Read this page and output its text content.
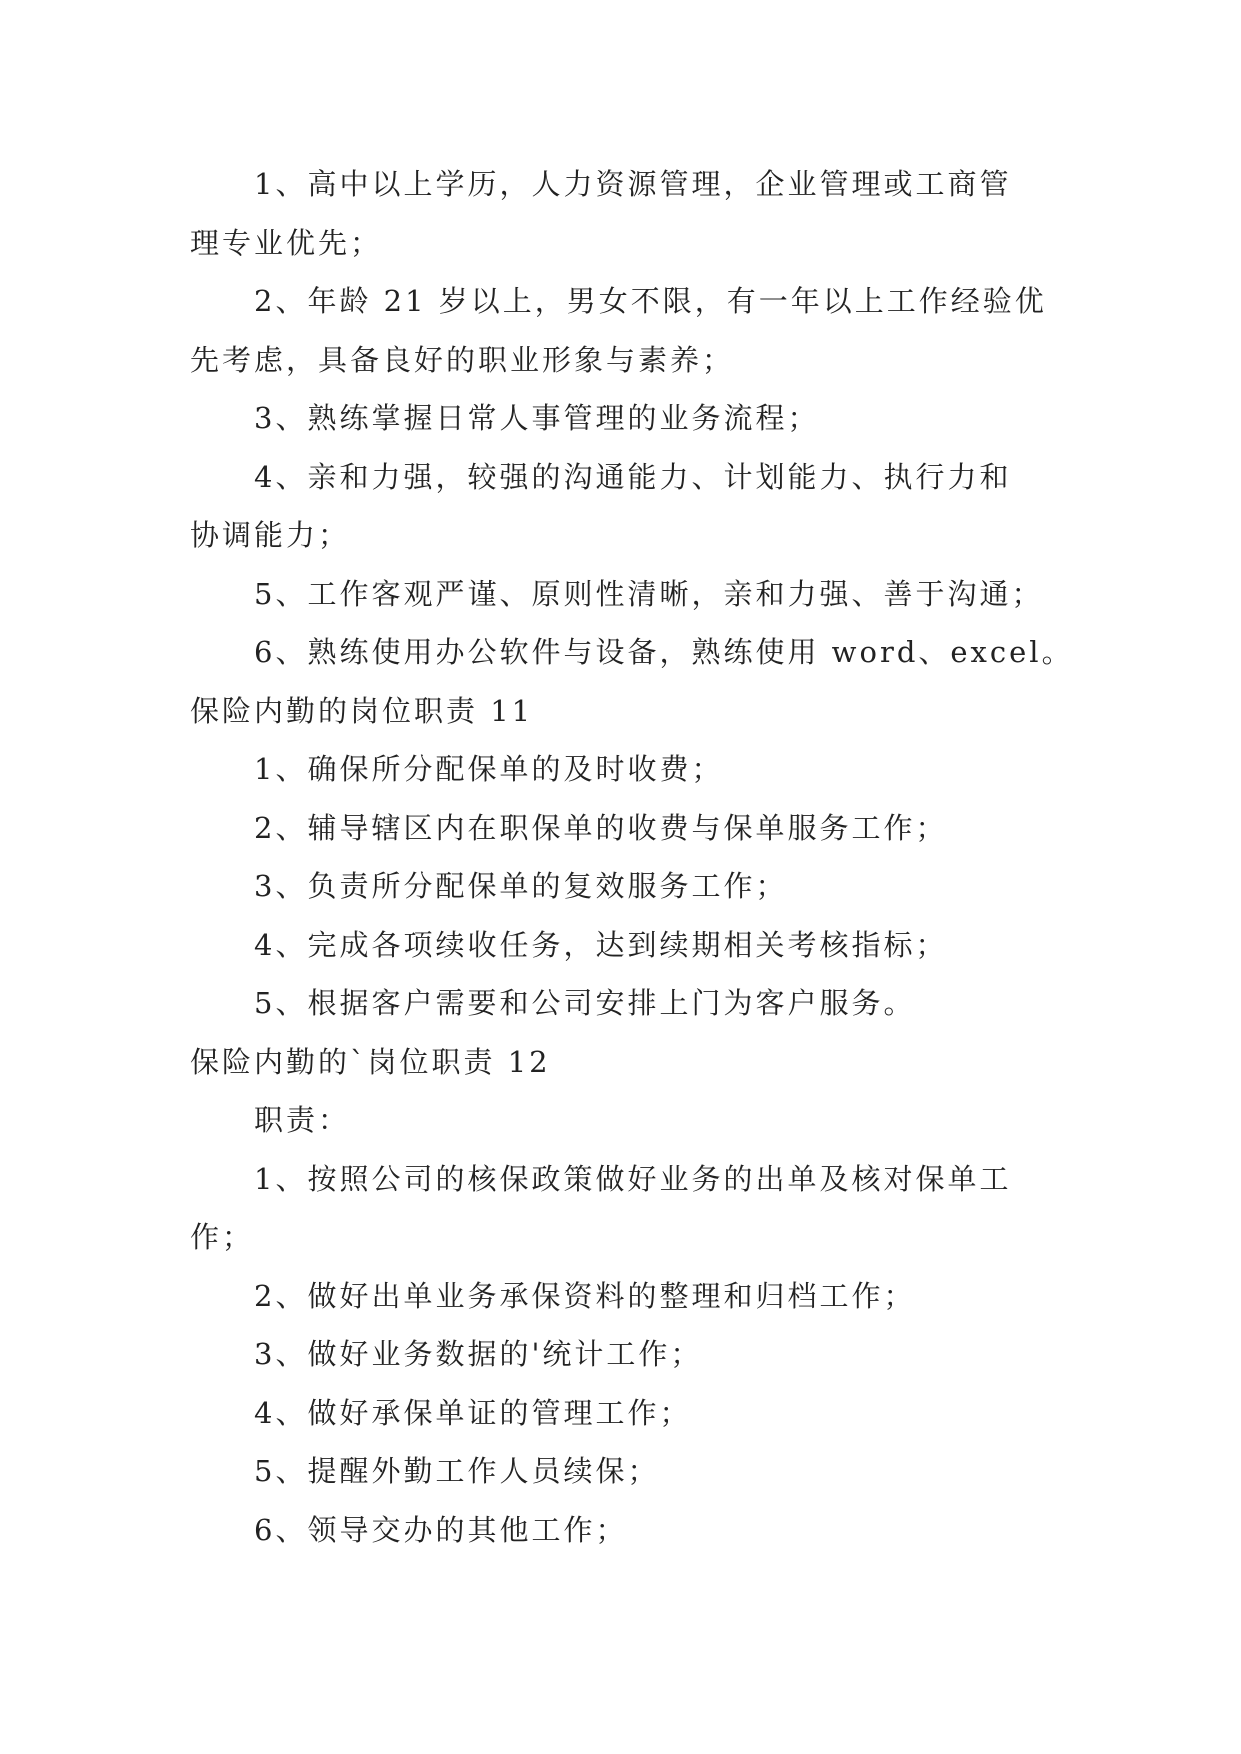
1、高中以上学历，人力资源管理，企业管理或工商管
理专业优先；
2、年龄 21 岁以上，男女不限，有一年以上工作经验优
先考虑，具备良好的职业形象与素养；
3、熟练掌握日常人事管理的业务流程；
4、亲和力强，较强的沟通能力、计划能力、执行力和
协调能力；
5、工作客观严谨、原则性清晰，亲和力强、善于沟通；
6、熟练使用办公软件与设备，熟练使用 word、excel。
保险内勤的岗位职责 11
1、确保所分配保单的及时收费；
2、辅导辖区内在职保单的收费与保单服务工作；
3、负责所分配保单的复效服务工作；
4、完成各项续收任务，达到续期相关考核指标；
5、根据客户需要和公司安排上门为客户服务。
保险内勤的`岗位职责 12
职责：
1、按照公司的核保政策做好业务的出单及核对保单工
作；
2、做好出单业务承保资料的整理和归档工作；
3、做好业务数据的'统计工作；
4、做好承保单证的管理工作；
5、提醒外勤工作人员续保；
6、领导交办的其他工作；
